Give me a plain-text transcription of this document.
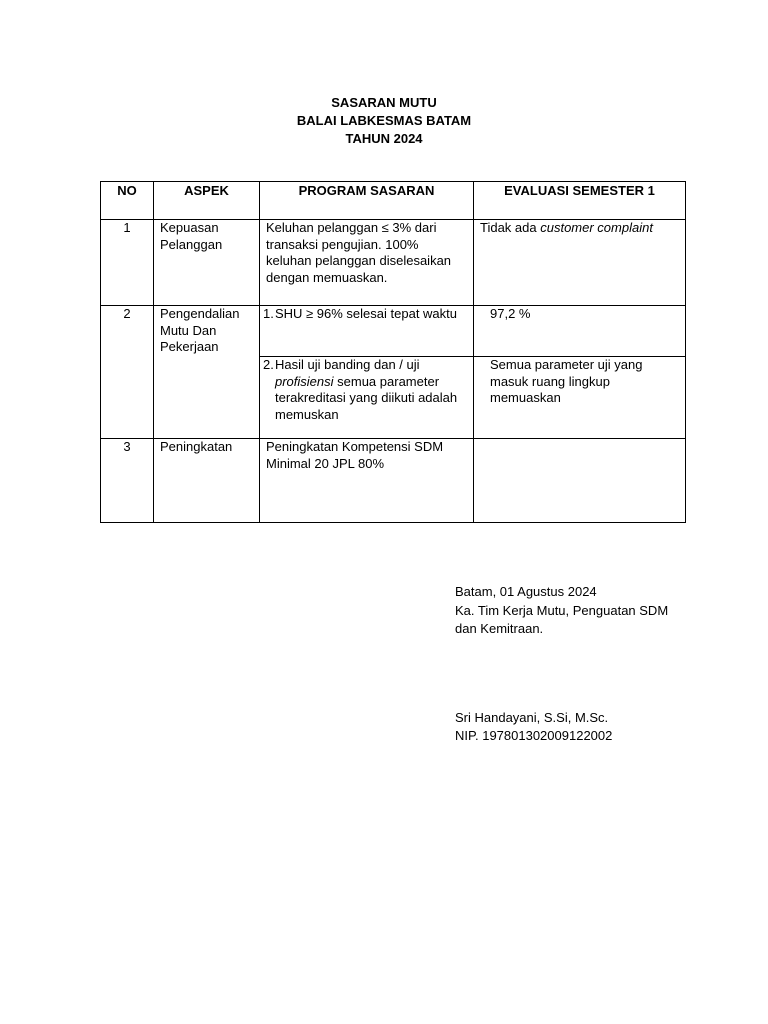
SASARAN MUTU
BALAI LABKESMAS BATAM
TAHUN 2024
NO	ASPEK	PROGRAM SASARAN	EVALUASI SEMESTER 1
1	Kepuasan Pelanggan	Keluhan pelanggan ≤ 3% dari transaksi pengujian. 100% keluhan pelanggan diselesaikan dengan memuaskan.	Tidak ada customer complaint
2	Pengendalian Mutu Dan Pekerjaan	1. SHU ≥ 96% selesai tepat waktu	97,2 %

		2. Hasil uji banding dan / uji profisiensi semua parameter terakreditasi yang diikuti adalah memuskan	Semua parameter uji yang masuk ruang lingkup memuaskan
3	Peningkatan	Peningkatan Kompetensi SDM Minimal 20 JPL 80%	
Batam, 01 Agustus 2024
Ka. Tim Kerja Mutu, Penguatan SDM
dan Kemitraan.
Sri Handayani, S.Si, M.Sc.
NIP. 197801302009122002
